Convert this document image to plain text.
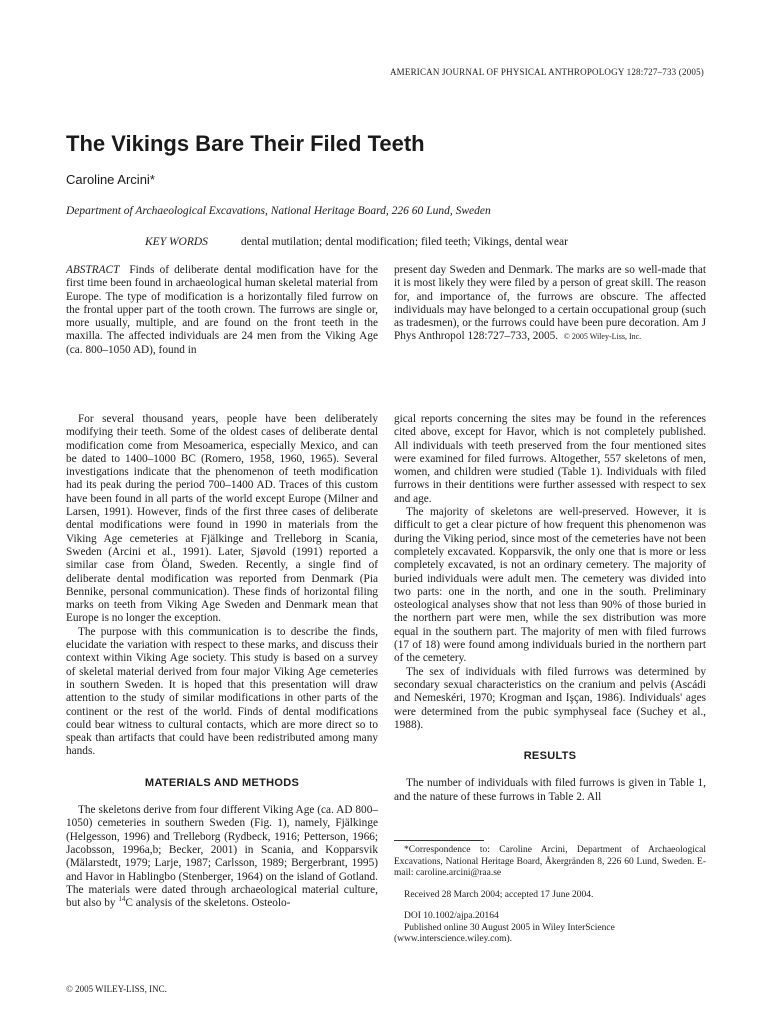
AMERICAN JOURNAL OF PHYSICAL ANTHROPOLOGY 128:727–733 (2005)
The Vikings Bare Their Filed Teeth
Caroline Arcini*
Department of Archaeological Excavations, National Heritage Board, 226 60 Lund, Sweden
KEY WORDS	dental mutilation; dental modification; filed teeth; Vikings, dental wear

ABSTRACT Finds of deliberate dental modification have for the first time been found in archaeological human skeletal material from Europe. The type of modification is a horizontally filed furrow on the frontal upper part of the tooth crown. The furrows are single or, more usually, multiple, and are found on the front teeth in the maxilla. The affected individuals are 24 men from the Viking Age (ca. 800–1050 AD), found in

present day Sweden and Denmark. The marks are so well-made that it is most likely they were filed by a person of great skill. The reason for, and importance of, the furrows are obscure. The affected individuals may have belonged to a certain occupational group (such as tradesmen), or the furrows could have been pure decoration. Am J Phys Anthropol 128:727–733, 2005. © 2005 Wiley-Liss, Inc.

For several thousand years, people have been deliberately modifying their teeth. Some of the oldest cases of deliberate dental modification come from Mesoamerica, especially Mexico, and can be dated to 1400–1000 BC (Romero, 1958, 1960, 1965). Several investigations indicate that the phenomenon of teeth modification had its peak during the period 700–1400 AD. Traces of this custom have been found in all parts of the world except Europe (Milner and Larsen, 1991). However, finds of the first three cases of deliberate dental modifications were found in 1990 in materials from the Viking Age cemeteries at Fjälkinge and Trelleborg in Scania, Sweden (Arcini et al., 1991). Later, Sjøvold (1991) reported a similar case from Öland, Sweden. Recently, a single find of deliberate dental modification was reported from Denmark (Pia Bennike, personal communication). These finds of horizontal filing marks on teeth from Viking Age Sweden and Denmark mean that Europe is no longer the exception.

The purpose with this communication is to describe the finds, elucidate the variation with respect to these marks, and discuss their context within Viking Age society. This study is based on a survey of skeletal material derived from four major Viking Age cemeteries in southern Sweden. It is hoped that this presentation will draw attention to the study of similar modifications in other parts of the continent or the rest of the world. Finds of dental modifications could bear witness to cultural contacts, which are more direct so to speak than artifacts that could have been redistributed among many hands.

MATERIALS AND METHODS

The skeletons derive from four different Viking Age (ca. AD 800–1050) cemeteries in southern Sweden (Fig. 1), namely, Fjälkinge (Helgesson, 1996) and Trelleborg (Rydbeck, 1916; Petterson, 1966; Jacobsson, 1996a,b; Becker, 2001) in Scania, and Kopparsvik (Mälarstedt, 1979; Larje, 1987; Carlsson, 1989; Bergerbrant, 1995) and Havor in Hablingbo (Stenberger, 1964) on the island of Gotland. The materials were dated through archaeological material culture, but also by $^{14}$C analysis of the skeletons. Osteolo-

gical reports concerning the sites may be found in the references cited above, except for Havor, which is not completely published. All individuals with teeth preserved from the four mentioned sites were examined for filed furrows. Altogether, 557 skeletons of men, women, and children were studied (Table 1). Individuals with filed furrows in their dentitions were further assessed with respect to sex and age.

The majority of skeletons are well-preserved. However, it is difficult to get a clear picture of how frequent this phenomenon was during the Viking period, since most of the cemeteries have not been completely excavated. Kopparsvik, the only one that is more or less completely excavated, is not an ordinary cemetery. The majority of buried individuals were adult men. The cemetery was divided into two parts: one in the north, and one in the south. Preliminary osteological analyses show that not less than 90% of those buried in the northern part were men, while the sex distribution was more equal in the southern part. The majority of men with filed furrows (17 of 18) were found among individuals buried in the northern part of the cemetery.

The sex of individuals with filed furrows was determined by secondary sexual characteristics on the cranium and pelvis (Ascádi and Nemeskéri, 1970; Krogman and Işçan, 1986). Individuals' ages were determined from the pubic symphyseal face (Suchey et al., 1988).

RESULTS

The number of individuals with filed furrows is given in Table 1, and the nature of these furrows in Table 2. All

*Correspondence to: Caroline Arcini, Department of Archaeological Excavations, National Heritage Board, Åkergränden 8, 226 60 Lund, Sweden. E-mail: caroline.arcini@raa.se

Received 28 March 2004; accepted 17 June 2004.

DOI 10.1002/ajpa.20164

Published online 30 August 2005 in Wiley InterScience

(www.interscience.wiley.com).

© 2005 WILEY-LISS, INC.
